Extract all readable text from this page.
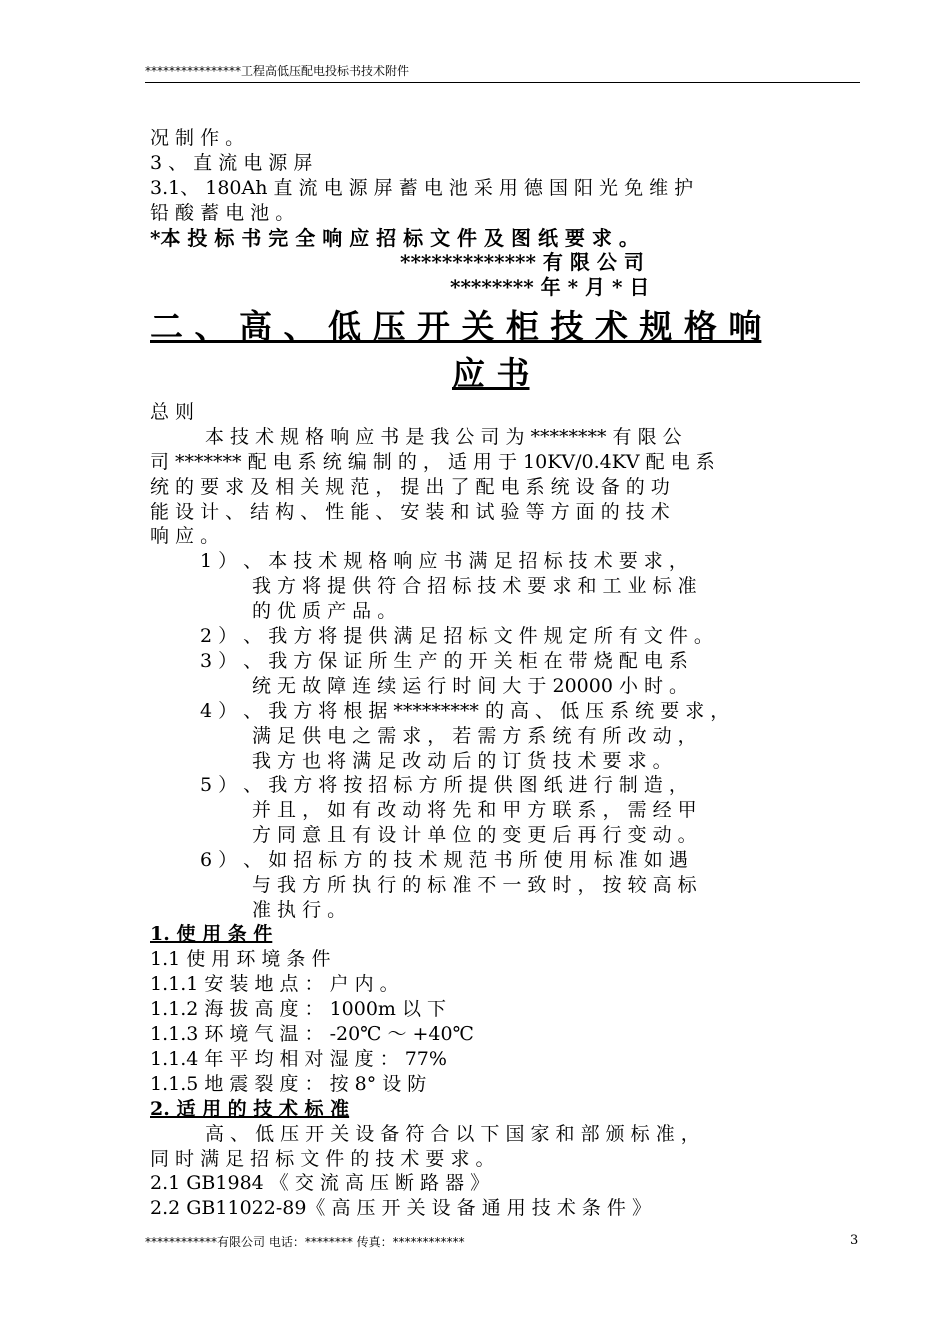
****************工程高低压配电投标书技术附件
况 制 作 。
3 、 直 流 电 源 屏
3.1、 180Ah 直 流 电 源 屏 蓄 电 池 采 用 德 国 阳 光 免 维 护
铅 酸 蓄 电 池 。
*本 投 标 书 完 全 响 应 招 标 文 件 及 图 纸 要 求 。
************* 有 限 公 司
******** 年 * 月 * 日
二 、 高 、 低 压 开 关 柜 技 术 规 格 响
应 书
总 则
本 技 术 规 格 响 应 书 是 我 公 司 为 ******** 有 限 公
司 ******* 配 电 系 统 编 制 的 ， 适 用 于 10KV/0.4KV 配 电 系
统 的 要 求 及 相 关 规 范 ， 提 出 了 配 电 系 统 设 备 的 功
能 设 计 、 结 构 、 性 能 、 安 装 和 试 验 等 方 面 的 技 术
响 应 。
1 ） 、 本 技 术 规 格 响 应 书 满 足 招 标 技 术 要 求 ，
我 方 将 提 供 符 合 招 标 技 术 要 求 和 工 业 标 准
的 优 质 产 品 。
2 ） 、 我 方 将 提 供 满 足 招 标 文 件 规 定 所 有 文 件 。
3 ） 、 我 方 保 证 所 生 产 的 开 关 柜 在 带 烧 配 电 系
统 无 故 障 连 续 运 行 时 间 大 于 20000 小 时 。
4 ） 、 我 方 将 根 据 ********* 的 高 、 低 压 系 统 要 求 ，
满 足 供 电 之 需 求 ， 若 需 方 系 统 有 所 改 动 ，
我 方 也 将 满 足 改 动 后 的 订 货 技 术 要 求 。
5 ） 、 我 方 将 按 招 标 方 所 提 供 图 纸 进 行 制 造 ，
并 且 ， 如 有 改 动 将 先 和 甲 方 联 系 ， 需 经 甲
方 同 意 且 有 设 计 单 位 的 变 更 后 再 行 变 动 。
6 ） 、 如 招 标 方 的 技 术 规 范 书 所 使 用 标 准 如 遇
与 我 方 所 执 行 的 标 准 不 一 致 时 ， 按 较 高 标
准 执 行 。
1. 使 用 条 件
1.1 使 用 环 境 条 件
1.1.1 安 装 地 点 ： 户 内 。
1.1.2 海 拔 高 度 ： 1000m 以 下
1.1.3 环 境 气 温 ： -20℃ ～ +40℃
1.1.4 年 平 均 相 对 湿 度 ： 77%
1.1.5 地 震 裂 度 ： 按 8° 设 防
2. 适 用 的 技 术 标 准
高 、 低 压 开 关 设 备 符 合 以 下 国 家 和 部 颁 标 准 ，
同 时 满 足 招 标 文 件 的 技 术 要 求 。
2.1 GB1984 《 交 流 高 压 断 路 器 》
2.2 GB11022-89《 高 压 开 关 设 备 通 用 技 术 条 件 》
************有限公司 电话：******** 传真：************	3
